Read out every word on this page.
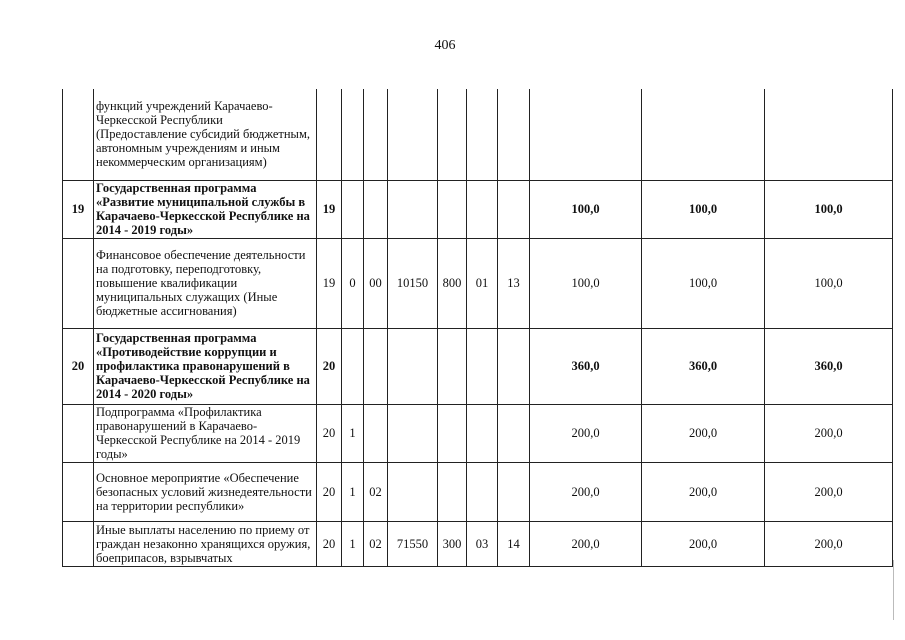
406
	функций учреждений Карачаево-Черкесской Республики (Предоставление субсидий бюджетным, автономным учреждениям и иным некоммерческим организациям)										
19	Государственная программа «Развитие муниципальной службы в Карачаево-Черкесской Республике на 2014 - 2019 годы»	19							100,0	100,0	100,0
	Финансовое обеспечение деятельности на подготовку, переподготовку, повышение квалификации муниципальных служащих (Иные бюджетные ассигнования)	19	0	00	10150	800	01	13	100,0	100,0	100,0
20	Государственная программа «Противодействие коррупции и профилактика правонарушений в Карачаево-Черкесской Республике на 2014 - 2020 годы»	20							360,0	360,0	360,0
	Подпрограмма «Профилактика правонарушений в Карачаево-Черкесской Республике на 2014 - 2019 годы»	20	1						200,0	200,0	200,0
	Основное мероприятие «Обеспечение безопасных условий жизнедеятельности на территории республики»	20	1	02					200,0	200,0	200,0
	Иные выплаты населению по приему от граждан незаконно хранящихся оружия, боеприпасов, взрывчатых	20	1	02	71550	300	03	14	200,0	200,0	200,0
